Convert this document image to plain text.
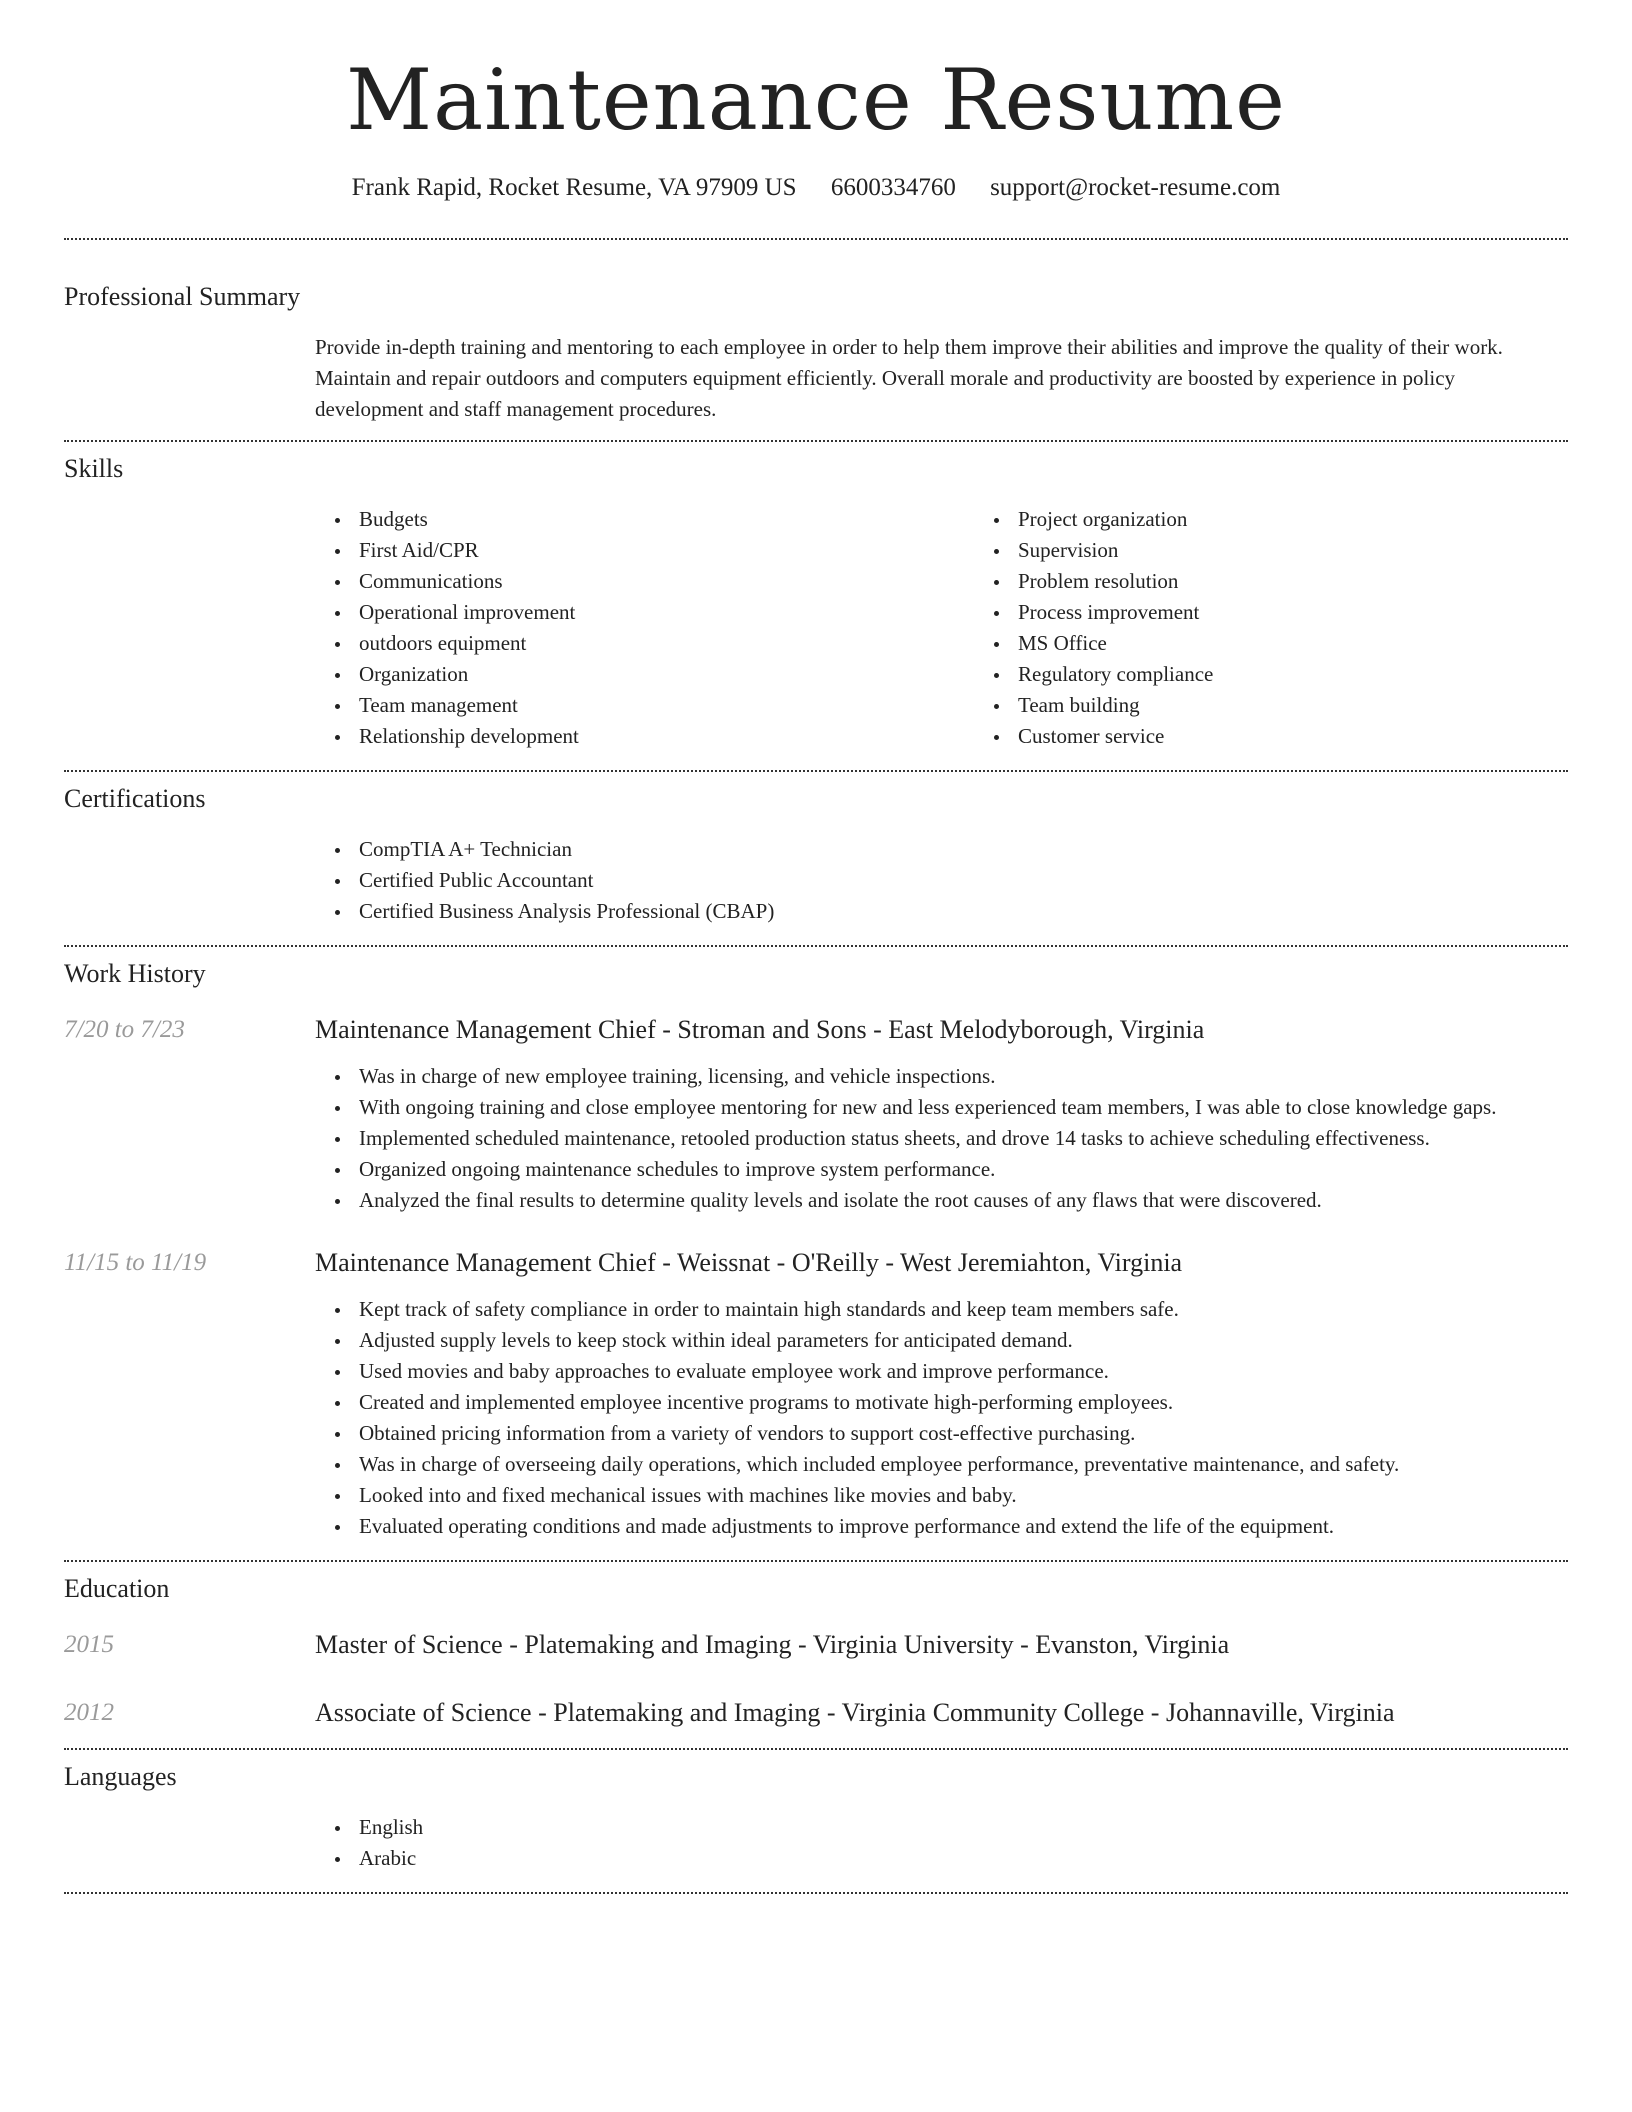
Maintenance Resume
Frank Rapid, Rocket Resume, VA 97909 US 6600334760 support@rocket-resume.com
Professional Summary

Provide in-depth training and mentoring to each employee in order to help them improve their abilities and improve the quality of their work. Maintain and repair outdoors and computers equipment efficiently. Overall morale and productivity are boosted by experience in policy development and staff management procedures.

Skills
Budgets
First Aid/CPR
Communications
Operational improvement
outdoors equipment
Organization
Team management
Relationship development
Project organization
Supervision
Problem resolution
Process improvement
MS Office
Regulatory compliance
Team building
Customer service
Certifications
CompTIA A+ Technician
Certified Public Accountant
Certified Business Analysis Professional (CBAP)
Work History
7/20 to 7/23	Maintenance Management Chief - Stroman and Sons - East Melodyborough, Virginia
Was in charge of new employee training, licensing, and vehicle inspections.
With ongoing training and close employee mentoring for new and less experienced team members, I was able to close knowledge gaps.
Implemented scheduled maintenance, retooled production status sheets, and drove 14 tasks to achieve scheduling effectiveness.
Organized ongoing maintenance schedules to improve system performance.
Analyzed the final results to determine quality levels and isolate the root causes of any flaws that were discovered.
11/15 to 11/19	Maintenance Management Chief - Weissnat - O'Reilly - West Jeremiahton, Virginia
Kept track of safety compliance in order to maintain high standards and keep team members safe.
Adjusted supply levels to keep stock within ideal parameters for anticipated demand.
Used movies and baby approaches to evaluate employee work and improve performance.
Created and implemented employee incentive programs to motivate high-performing employees.
Obtained pricing information from a variety of vendors to support cost-effective purchasing.
Was in charge of overseeing daily operations, which included employee performance, preventative maintenance, and safety.
Looked into and fixed mechanical issues with machines like movies and baby.
Evaluated operating conditions and made adjustments to improve performance and extend the life of the equipment.
Education
2015	Master of Science - Platemaking and Imaging - Virginia University - Evanston, Virginia
2012	Associate of Science - Platemaking and Imaging - Virginia Community College - Johannaville, Virginia
Languages
English
Arabic
